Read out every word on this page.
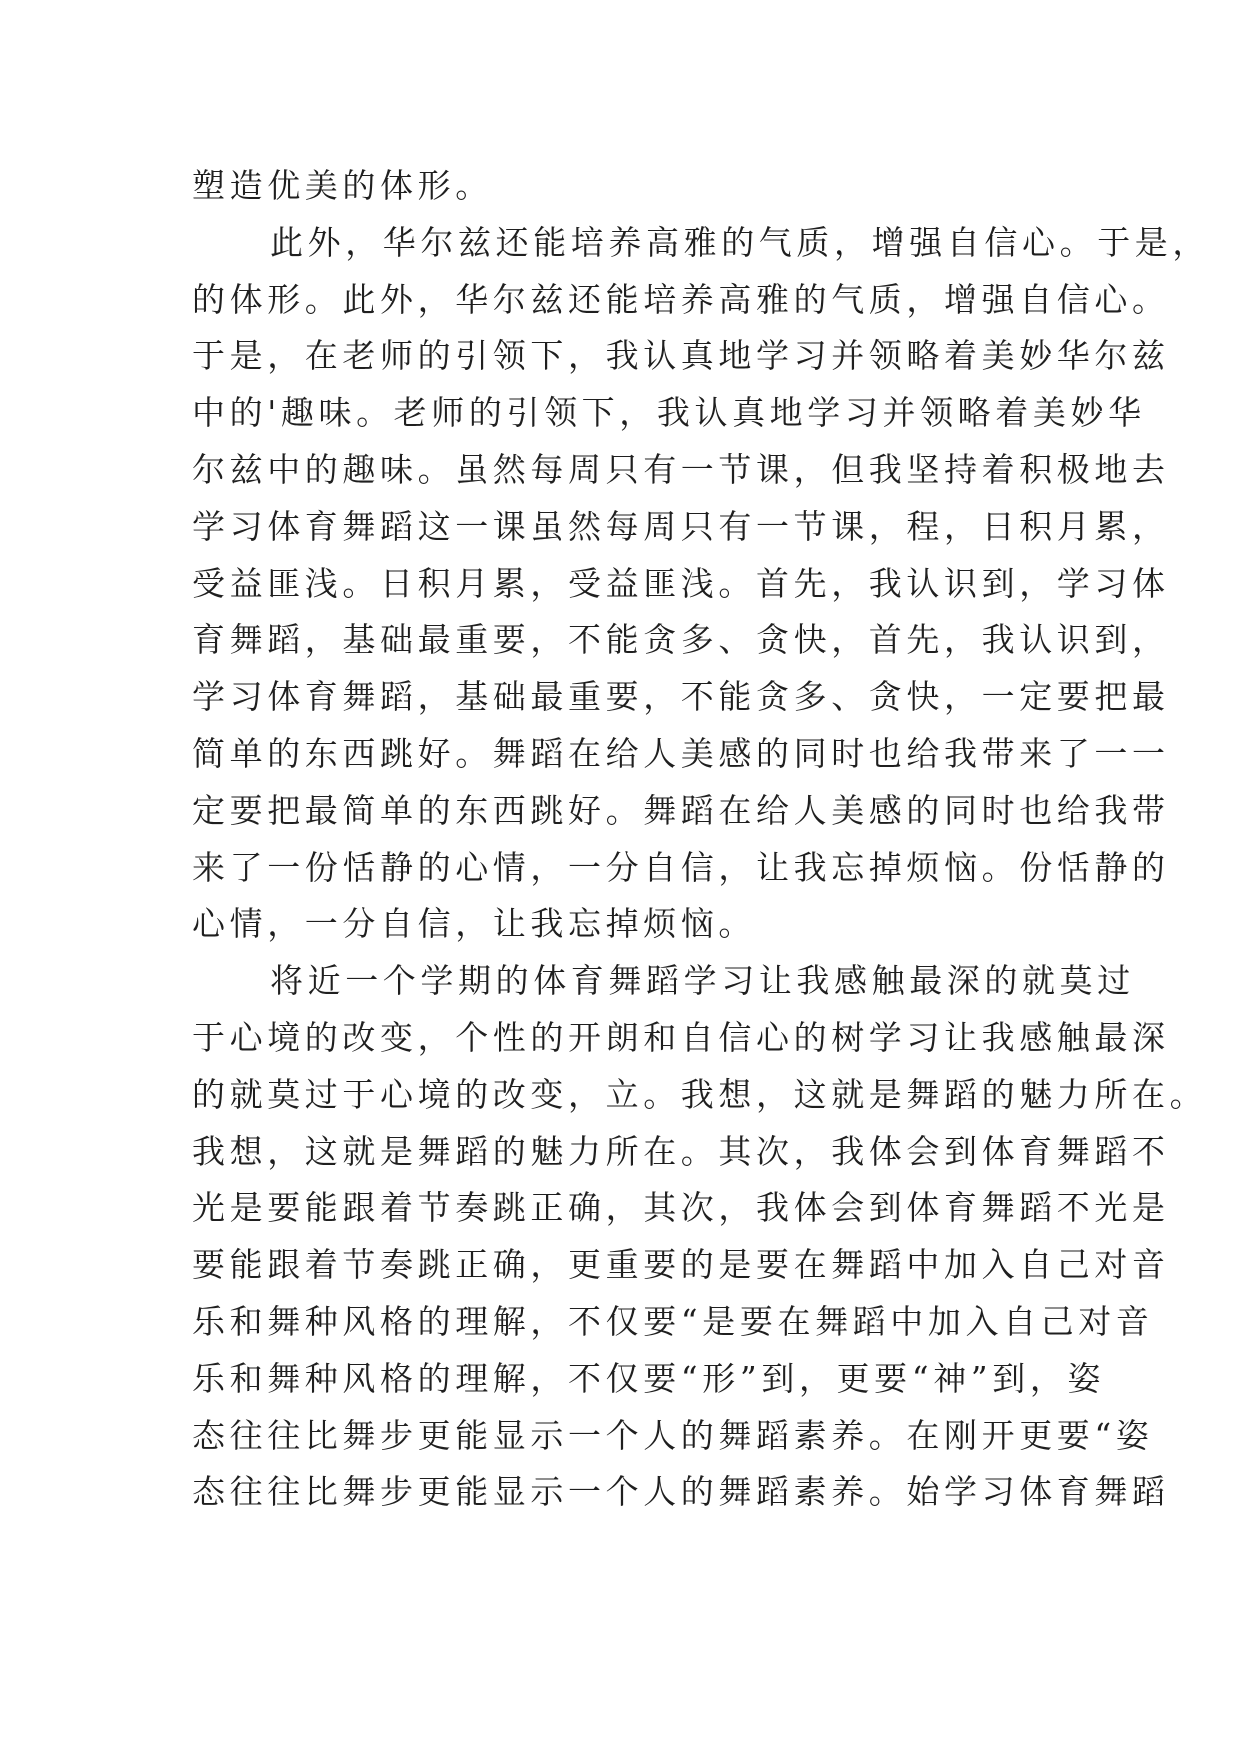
塑造优美的体形。
此外，华尔兹还能培养高雅的气质，增强自信心。于是，
的体形。此外，华尔兹还能培养高雅的气质，增强自信心。
于是，在老师的引领下，我认真地学习并领略着美妙华尔兹
中的'趣味。老师的引领下，我认真地学习并领略着美妙华
尔兹中的趣味。虽然每周只有一节课，但我坚持着积极地去
学习体育舞蹈这一课虽然每周只有一节课，程，日积月累，
受益匪浅。日积月累，受益匪浅。首先，我认识到，学习体
育舞蹈，基础最重要，不能贪多、贪快，首先，我认识到，
学习体育舞蹈，基础最重要，不能贪多、贪快，一定要把最
简单的东西跳好。舞蹈在给人美感的同时也给我带来了一一
定要把最简单的东西跳好。舞蹈在给人美感的同时也给我带
来了一份恬静的心情，一分自信，让我忘掉烦恼。份恬静的
心情，一分自信，让我忘掉烦恼。
将近一个学期的体育舞蹈学习让我感触最深的就莫过
于心境的改变，个性的开朗和自信心的树学习让我感触最深
的就莫过于心境的改变，立。我想，这就是舞蹈的魅力所在。
我想，这就是舞蹈的魅力所在。其次，我体会到体育舞蹈不
光是要能跟着节奏跳正确，其次，我体会到体育舞蹈不光是
要能跟着节奏跳正确，更重要的是要在舞蹈中加入自己对音
乐和舞种风格的理解，不仅要“是要在舞蹈中加入自己对音
乐和舞种风格的理解，不仅要“形”到，更要“神”到，姿
态往往比舞步更能显示一个人的舞蹈素养。在刚开更要“姿
态往往比舞步更能显示一个人的舞蹈素养。始学习体育舞蹈
